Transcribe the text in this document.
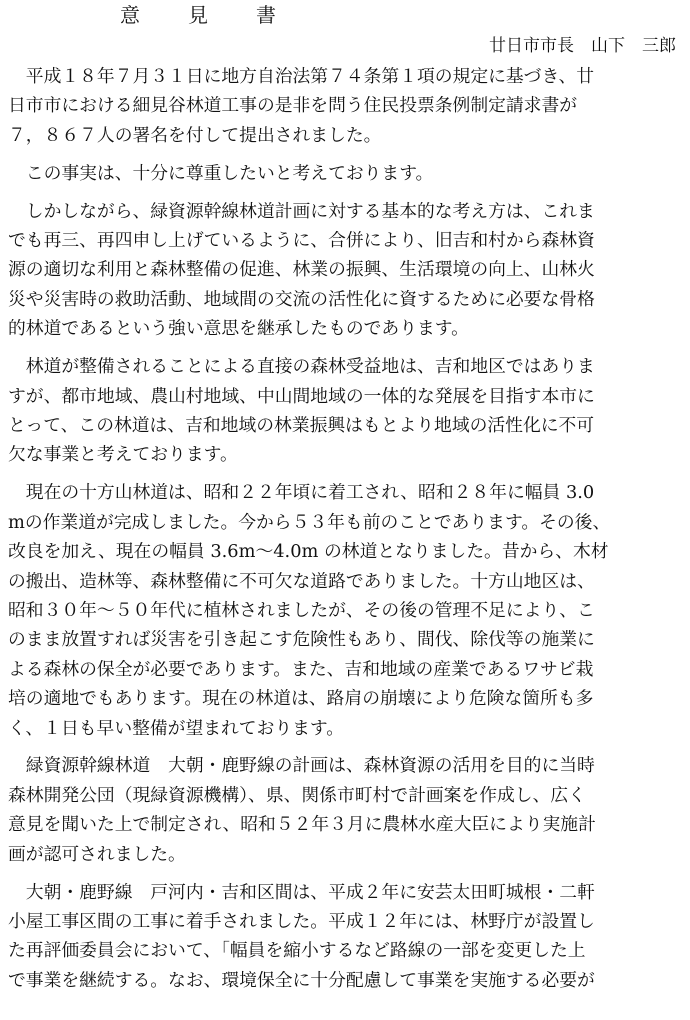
意　見　書
廿日市市長　山下　三郎
　平成１８年７月３１日に地方自治法第７４条第１項の規定に基づき、廿
日市市における細見谷林道工事の是非を問う住民投票条例制定請求書が
７，８６７人の署名を付して提出されました。
　この事実は、十分に尊重したいと考えております。
　しかしながら、緑資源幹線林道計画に対する基本的な考え方は、これま
でも再三、再四申し上げているように、合併により、旧吉和村から森林資
源の適切な利用と森林整備の促進、林業の振興、生活環境の向上、山林火
災や災害時の救助活動、地域間の交流の活性化に資するために必要な骨格
的林道であるという強い意思を継承したものであります。
　林道が整備されることによる直接の森林受益地は、吉和地区ではありま
すが、都市地域、農山村地域、中山間地域の一体的な発展を目指す本市に
とって、この林道は、吉和地域の林業振興はもとより地域の活性化に不可
欠な事業と考えております。
　現在の十方山林道は、昭和２２年頃に着工され、昭和２８年に幅員 3.0
mの作業道が完成しました。今から５３年も前のことであります。その後、
改良を加え、現在の幅員 3.6m～4.0m の林道となりました。昔から、木材
の搬出、造林等、森林整備に不可欠な道路でありました。十方山地区は、
昭和３０年～５０年代に植林されましたが、その後の管理不足により、こ
のまま放置すれば災害を引き起こす危険性もあり、間伐、除伐等の施業に
よる森林の保全が必要であります。また、吉和地域の産業であるワサビ栽
培の適地でもあります。現在の林道は、路肩の崩壊により危険な箇所も多
く、１日も早い整備が望まれております。
　緑資源幹線林道　大朝・鹿野線の計画は、森林資源の活用を目的に当時
森林開発公団（現緑資源機構）、県、関係市町村で計画案を作成し、広く
意見を聞いた上で制定され、昭和５２年３月に農林水産大臣により実施計
画が認可されました。
　大朝・鹿野線　戸河内・吉和区間は、平成２年に安芸太田町城根・二軒
小屋工事区間の工事に着手されました。平成１２年には、林野庁が設置し
た再評価委員会において、「幅員を縮小するなど路線の一部を変更した上
で事業を継続する。なお、環境保全に十分配慮して事業を実施する必要が
